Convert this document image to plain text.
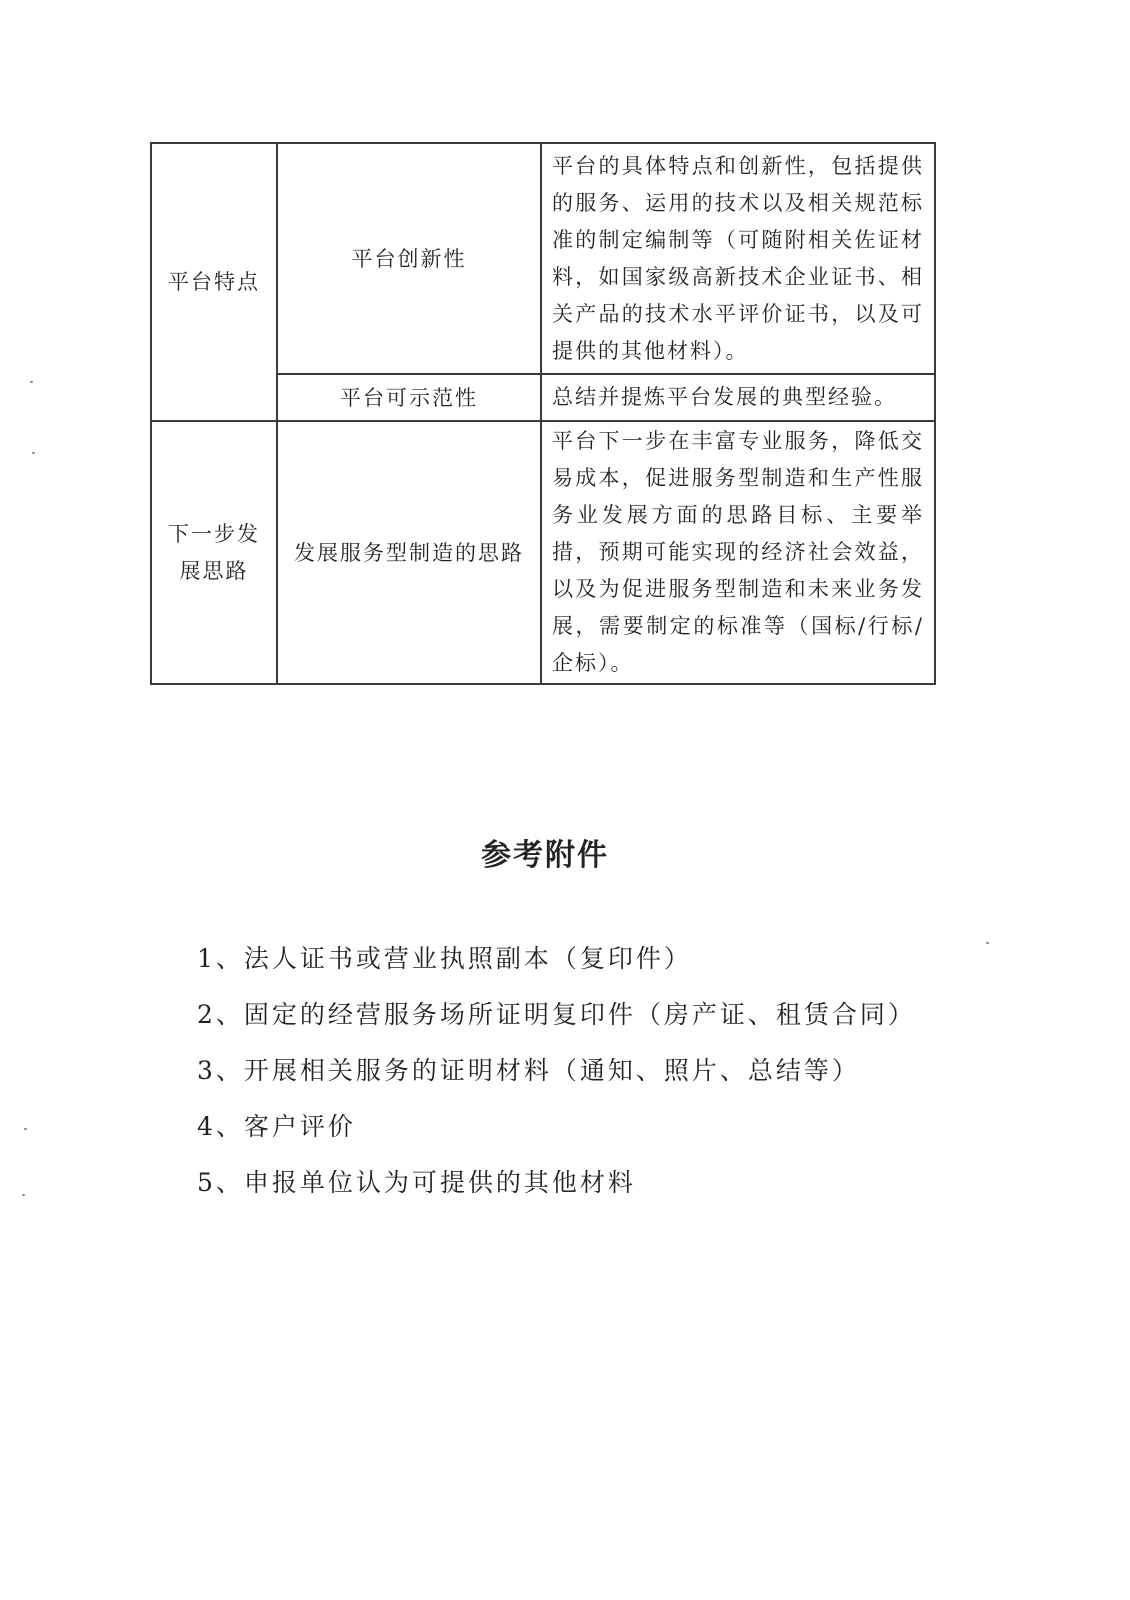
平台特点	平台创新性	平台的具体特点和创新性，包括提供的服务、运用的技术以及相关规范标准的制定编制等（可随附相关佐证材料，如国家级高新技术企业证书、相关产品的技术水平评价证书，以及可提供的其他材料）。

	平台可示范性	总结并提炼平台发展的典型经验。

下一步发展思路	发展服务型制造的思路	平台下一步在丰富专业服务，降低交易成本，促进服务型制造和生产性服务业发展方面的思路目标、主要举措，预期可能实现的经济社会效益，以及为促进服务型制造和未来业务发展，需要制定的标准等（国标/行标/企标）。
参考附件
1、法人证书或营业执照副本（复印件）
2、固定的经营服务场所证明复印件（房产证、租赁合同）
3、开展相关服务的证明材料（通知、照片、总结等）
4、客户评价
5、申报单位认为可提供的其他材料
